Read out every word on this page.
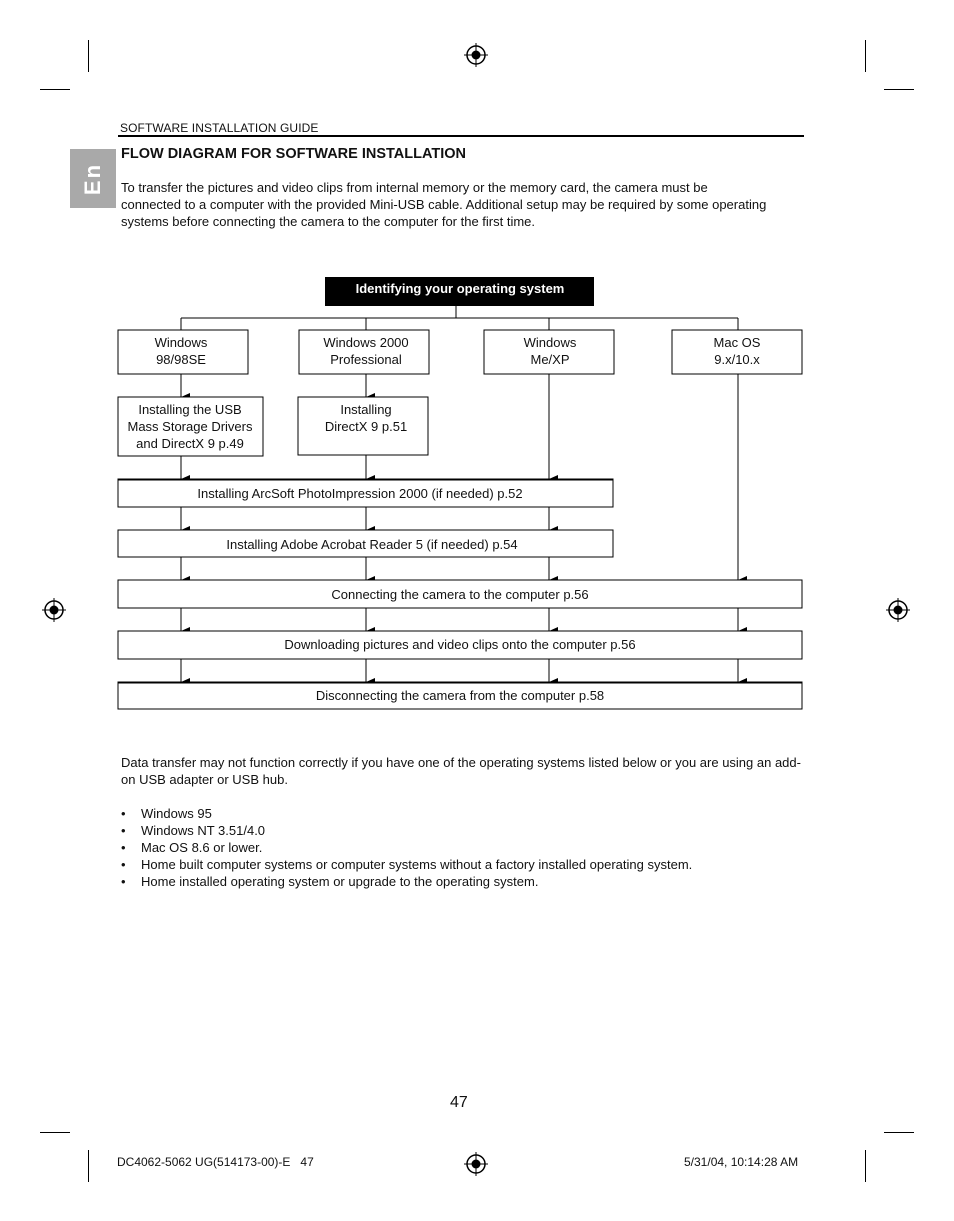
SOFTWARE INSTALLATION GUIDE
En
FLOW DIAGRAM FOR SOFTWARE INSTALLATION
To transfer the pictures and video clips from internal memory or the memory card, the camera must be connected to a computer with the provided Mini-USB cable. Additional setup may be required by some operating systems before connecting the camera to the computer for the first time.
Identifying your operating system
Windows
98/98SE
Windows 2000
Professional
Windows
Me/XP
Mac OS
9.x/10.x
Installing the USB
Mass Storage Drivers
and DirectX 9 p.49
Installing
DirectX 9 p.51
Installing ArcSoft PhotoImpression 2000 (if needed) p.52
Installing Adobe Acrobat Reader 5 (if needed) p.54
Connecting the camera to the computer p.56
Downloading pictures and video clips onto the computer p.56
Disconnecting the camera from the computer p.58
Data transfer may not function correctly if you have one of the operating systems listed below or you are using an add-on USB adapter or USB hub.
• Windows 95
• Windows NT 3.51/4.0
• Mac OS 8.6 or lower.
• Home built computer systems or computer systems without a factory installed operating system.
• Home installed operating system or upgrade to the operating system.
47
DC4062-5062 UG(514173-00)-E   47	5/31/04, 10:14:28 AM
